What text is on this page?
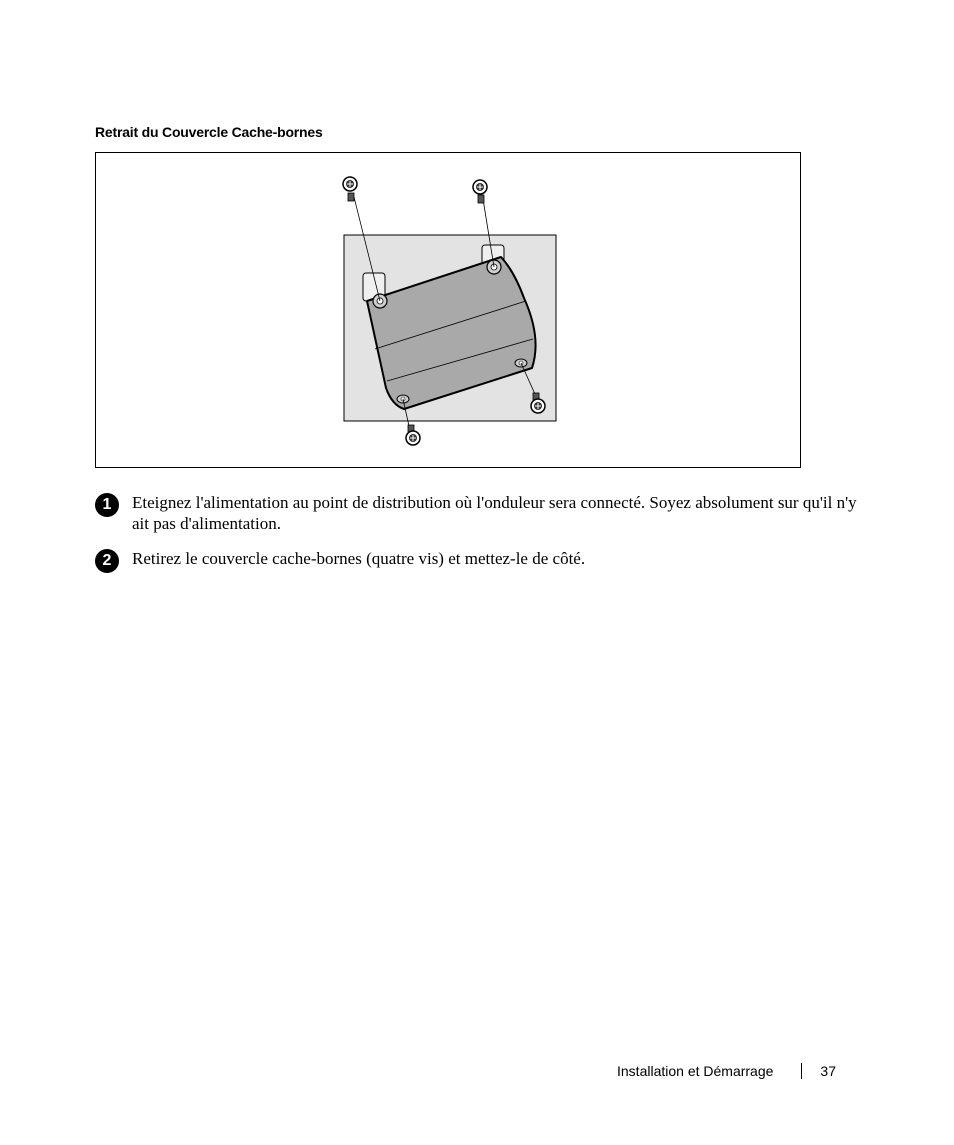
Retrait du Couvercle Cache-bornes
1	Eteignez l'alimentation au point de distribution où l'onduleur sera connecté. Soyez absolument sur qu'il n'y ait pas d'alimentation.
2	Retirez le couvercle cache-bornes (quatre vis) et mettez-le de côté.
Installation et Démarrage	37
